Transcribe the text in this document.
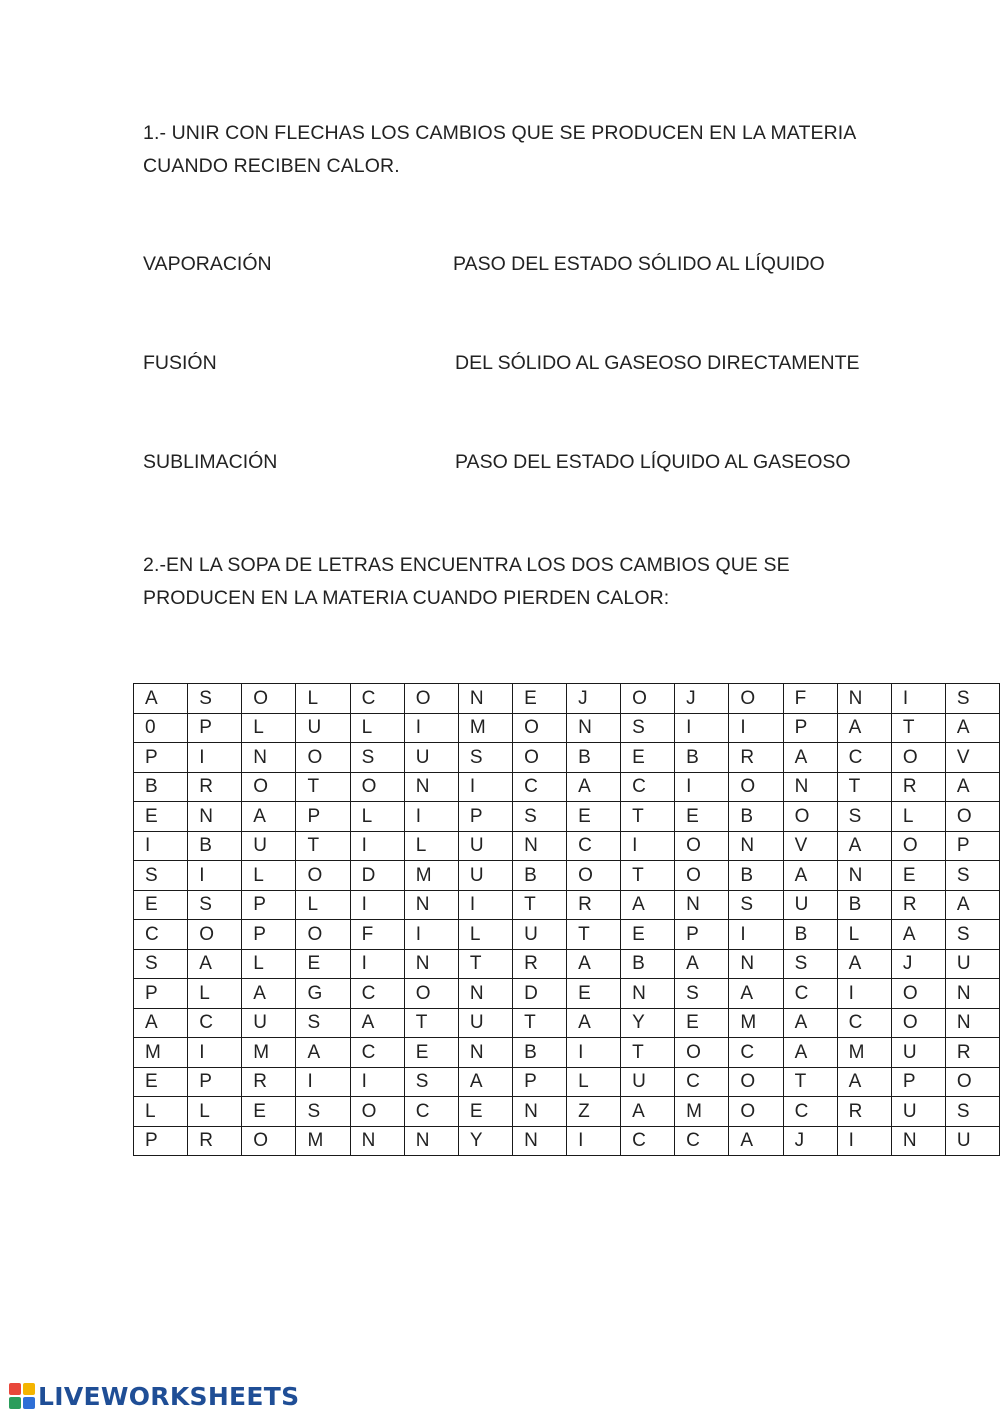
1.- UNIR CON FLECHAS LOS CAMBIOS QUE SE PRODUCEN EN LA MATERIA CUANDO RECIBEN CALOR.
VAPORACIÓN	PASO DEL ESTADO SÓLIDO AL LÍQUIDO
FUSIÓN	DEL SÓLIDO AL GASEOSO DIRECTAMENTE
SUBLIMACIÓN	PASO DEL ESTADO LÍQUIDO AL GASEOSO
2.-EN LA SOPA DE LETRAS ENCUENTRA LOS DOS CAMBIOS QUE SE PRODUCEN EN LA MATERIA CUANDO PIERDEN CALOR:
A	S	O	L	C	O	N	E	J	O	J	O	F	N	I	S
0	P	L	U	L	I	M	O	N	S	I	I	P	A	T	A
P	I	N	O	S	U	S	O	B	E	B	R	A	C	O	V
B	R	O	T	O	N	I	C	A	C	I	O	N	T	R	A
E	N	A	P	L	I	P	S	E	T	E	B	O	S	L	O
I	B	U	T	I	L	U	N	C	I	O	N	V	A	O	P
S	I	L	O	D	M	U	B	O	T	O	B	A	N	E	S
E	S	P	L	I	N	I	T	R	A	N	S	U	B	R	A
C	O	P	O	F	I	L	U	T	E	P	I	B	L	A	S
S	A	L	E	I	N	T	R	A	B	A	N	S	A	J	U
P	L	A	G	C	O	N	D	E	N	S	A	C	I	O	N
A	C	U	S	A	T	U	T	A	Y	E	M	A	C	O	N
M	I	M	A	C	E	N	B	I	T	O	C	A	M	U	R
E	P	R	I	I	S	A	P	L	U	C	O	T	A	P	O
L	L	E	S	O	C	E	N	Z	A	M	O	C	R	U	S
P	R	O	M	N	N	Y	N	I	C	C	A	J	I	N	U
LIVEWORKSHEETS
